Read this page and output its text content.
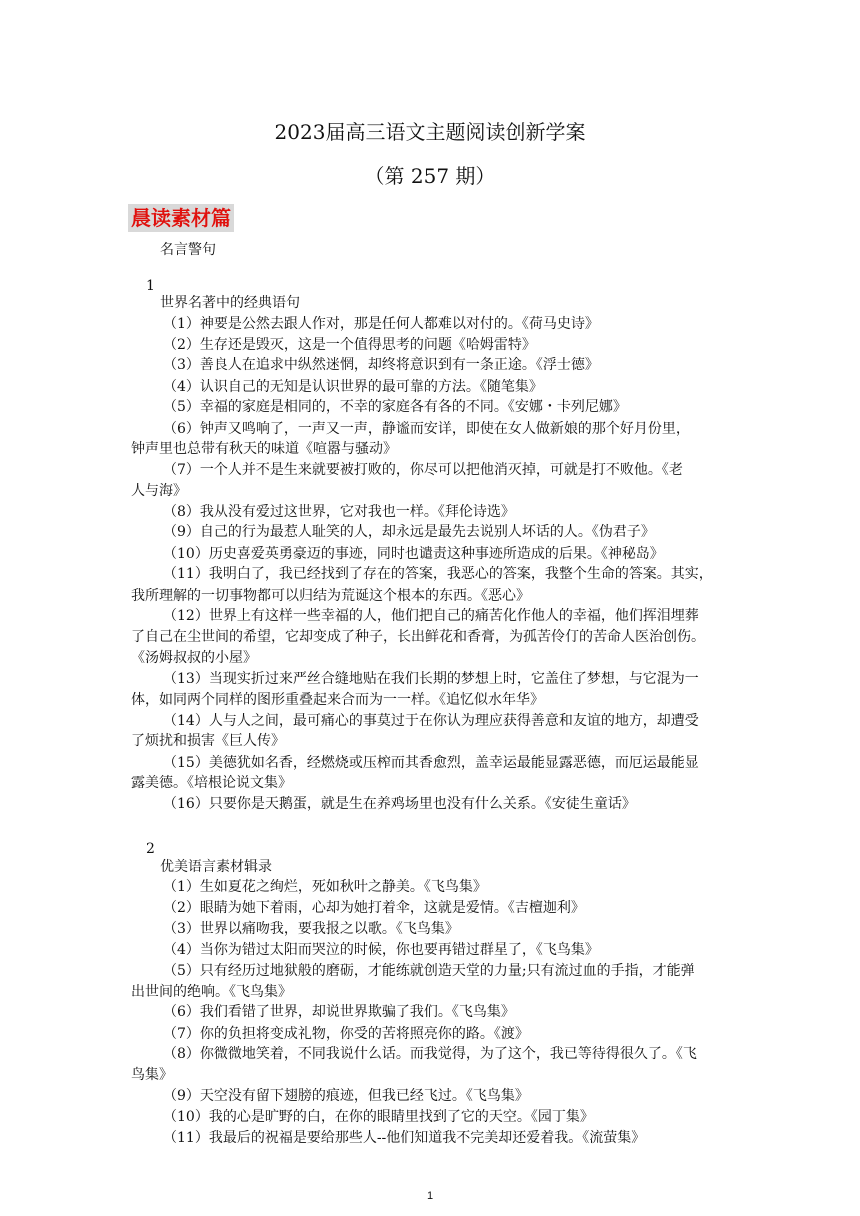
2023届高三语文主题阅读创新学案
（第 257 期）
晨读素材篇
名言警句
1
世界名著中的经典语句
（1）神要是公然去跟人作对，那是任何人都难以对付的。《荷马史诗》
（2）生存还是毁灭，这是一个值得思考的问题《哈姆雷特》
（3）善良人在追求中纵然迷惘，却终将意识到有一条正途。《浮士德》
（4）认识自己的无知是认识世界的最可靠的方法。《随笔集》
（5）幸福的家庭是相同的，不幸的家庭各有各的不同。《安娜・卡列尼娜》
（6）钟声又鸣响了，一声又一声，静谧而安详，即使在女人做新娘的那个好月份里，
钟声里也总带有秋天的味道《喧嚣与骚动》
（7）一个人并不是生来就要被打败的，你尽可以把他消灭掉，可就是打不败他。《老
人与海》
（8）我从没有爱过这世界，它对我也一样。《拜伦诗选》
（9）自己的行为最惹人耻笑的人，却永远是最先去说别人坏话的人。《伪君子》
（10）历史喜爱英勇豪迈的事迹，同时也谴责这种事迹所造成的后果。《神秘岛》
（11）我明白了，我已经找到了存在的答案，我恶心的答案，我整个生命的答案。其实，
我所理解的一切事物都可以归结为荒诞这个根本的东西。《恶心》
（12）世界上有这样一些幸福的人，他们把自己的痛苦化作他人的幸福，他们挥泪埋葬
了自己在尘世间的希望，它却变成了种子，长出鲜花和香膏，为孤苦伶仃的苦命人医治创伤。
《汤姆叔叔的小屋》
（13）当现实折过来严丝合缝地贴在我们长期的梦想上时，它盖住了梦想，与它混为一
体，如同两个同样的图形重叠起来合而为一一样。《追忆似水年华》
（14）人与人之间，最可痛心的事莫过于在你认为理应获得善意和友谊的地方，却遭受
了烦扰和损害《巨人传》
（15）美德犹如名香，经燃烧或压榨而其香愈烈，盖幸运最能显露恶德，而厄运最能显
露美德。《培根论说文集》
（16）只要你是天鹅蛋，就是生在养鸡场里也没有什么关系。《安徒生童话》
2
优美语言素材辑录
（1）生如夏花之绚烂，死如秋叶之静美。《飞鸟集》
（2）眼睛为她下着雨，心却为她打着伞，这就是爱情。《吉檀迦利》
（3）世界以痛吻我，要我报之以歌。《飞鸟集》
（4）当你为错过太阳而哭泣的时候，你也要再错过群星了，《飞鸟集》
（5）只有经历过地狱般的磨砺，才能练就创造天堂的力量;只有流过血的手指，才能弹
出世间的绝响。《飞鸟集》
（6）我们看错了世界，却说世界欺骗了我们。《飞鸟集》
（7）你的负担将变成礼物，你受的苦将照亮你的路。《渡》
（8）你微微地笑着，不同我说什么话。而我觉得，为了这个，我已等待得很久了。《飞
鸟集》
（9）天空没有留下翅膀的痕迹，但我已经飞过。《飞鸟集》
（10）我的心是旷野的白，在你的眼睛里找到了它的天空。《园丁集》
（11）我最后的祝福是要给那些人--他们知道我不完美却还爱着我。《流萤集》
1
